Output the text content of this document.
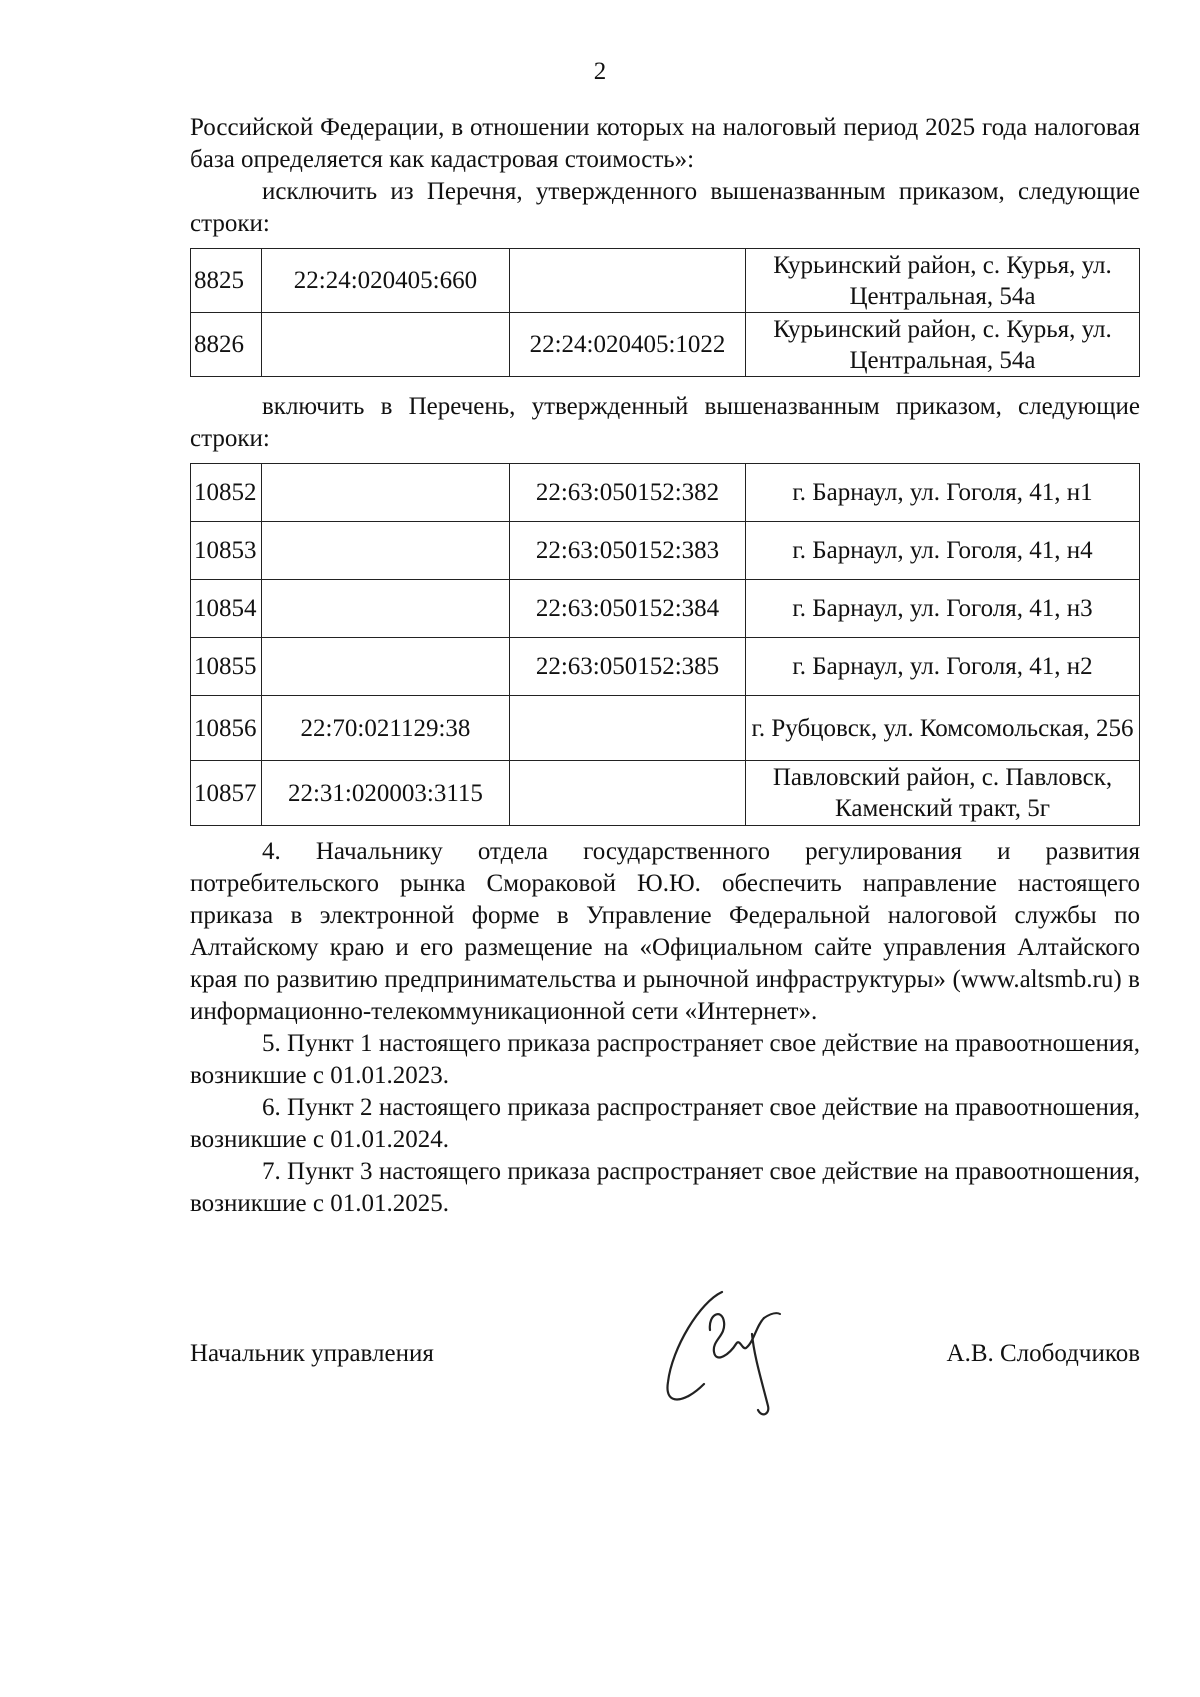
2

Российской Федерации, в отношении которых на налоговый период 2025 года налоговая база определяется как кадастровая стоимость»:

исключить из Перечня, утвержденного вышеназванным приказом, следующие строки:

8825	22:24:020405:660		Курьинский район, с. Курья, ул. Центральная, 54а
8826		22:24:020405:1022	Курьинский район, с. Курья, ул. Центральная, 54а

включить в Перечень, утвержденный вышеназванным приказом, следующие строки:

10852		22:63:050152:382	г. Барнаул, ул. Гоголя, 41, н1
10853		22:63:050152:383	г. Барнаул, ул. Гоголя, 41, н4
10854		22:63:050152:384	г. Барнаул, ул. Гоголя, 41, н3
10855		22:63:050152:385	г. Барнаул, ул. Гоголя, 41, н2
10856	22:70:021129:38		г. Рубцовск, ул. Комсомольская, 256
10857	22:31:020003:3115		Павловский район, с. Павловск, Каменский тракт, 5г

4. Начальнику отдела государственного регулирования и развития потребительского рынка Смораковой Ю.Ю. обеспечить направление настоящего приказа в электронной форме в Управление Федеральной налоговой службы по Алтайскому краю и его размещение на «Официальном сайте управления Алтайского края по развитию предпринимательства и рыночной инфраструктуры» (www.altsmb.ru) в информационно-телекоммуникационной сети «Интернет».

5. Пункт 1 настоящего приказа распространяет свое действие на правоотношения, возникшие с 01.01.2023.

6. Пункт 2 настоящего приказа распространяет свое действие на правоотношения, возникшие с 01.01.2024.

7. Пункт 3 настоящего приказа распространяет свое действие на правоотношения, возникшие с 01.01.2025.

Начальник управления	А.В. Слободчиков
